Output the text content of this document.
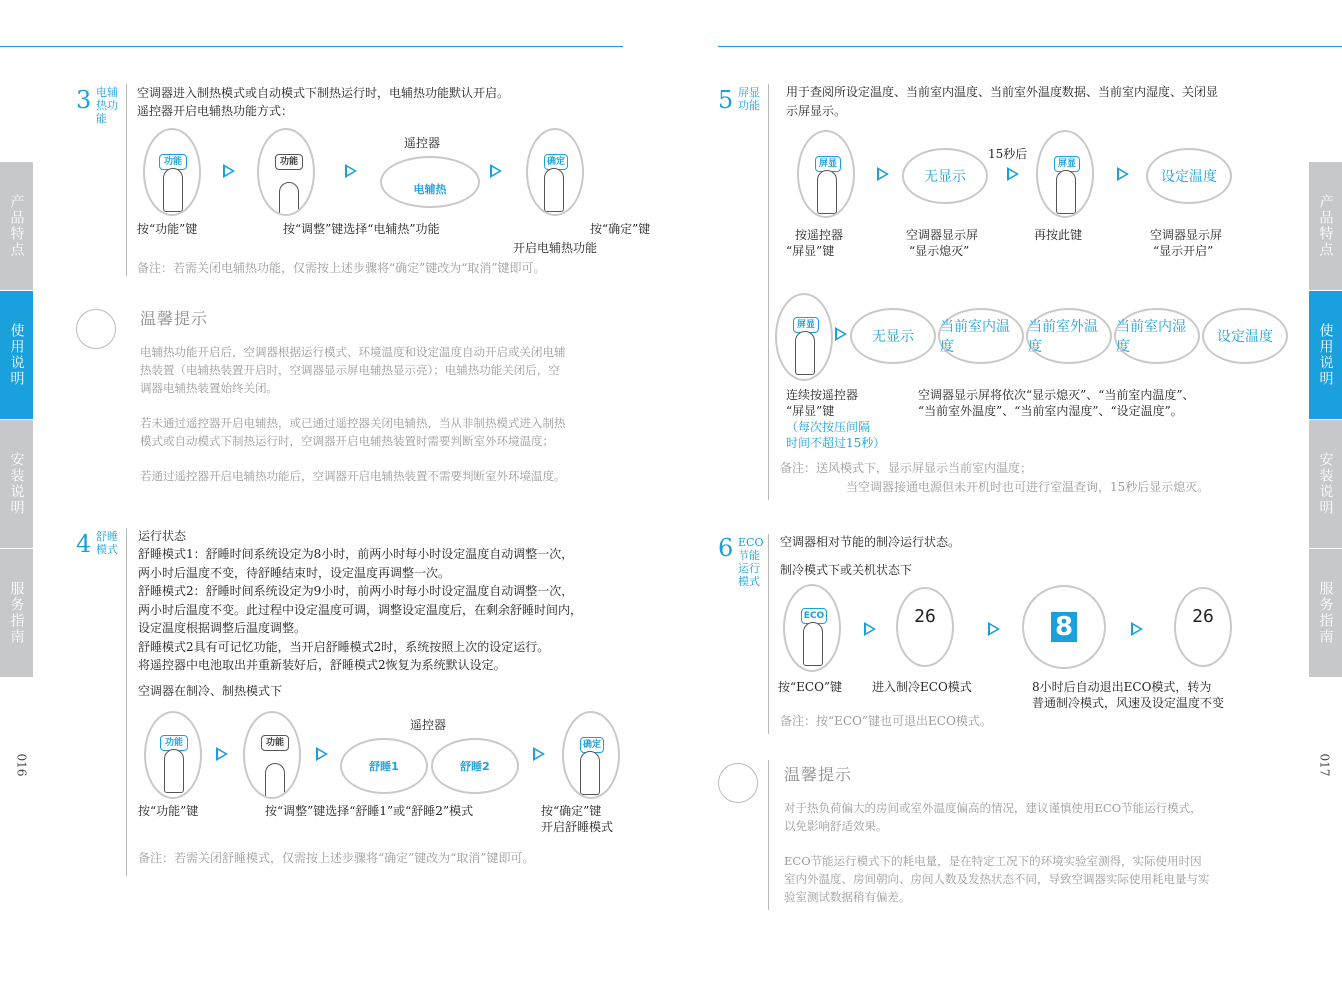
产品特点
使用说明
安装说明
服务指南
产品特点
使用说明
安装说明
服务指南
016	017
3 电辅
热功
能
空调器进入制热模式或自动模式下制热运行时，电辅热功能默认开启。
遥控器开启电辅热功能方式：
功能	功能
遥控器
电辅热
确定
按“功能”键	按“调整”键选择“电辅热”功能	按“确定”键
开启电辅热功能
备注：若需关闭电辅热功能，仅需按上述步骤将“确定”键改为“取消”键即可。
温馨提示
电辅热功能开启后，空调器根据运行模式、环境温度和设定温度自动开启或关闭电辅
热装置（电辅热装置开启时，空调器显示屏电辅热显示亮）；电辅热功能关闭后，空
调器电辅热装置始终关闭。
若未通过遥控器开启电辅热，或已通过遥控器关闭电辅热，当从非制热模式进入制热
模式或自动模式下制热运行时，空调器开启电辅热装置时需要判断室外环境温度；
若通过遥控器开启电辅热功能后，空调器开启电辅热装置不需要判断室外环境温度。
4 舒睡
模式
运行状态
舒睡模式1：舒睡时间系统设定为8小时，前两小时每小时设定温度自动调整一次，
两小时后温度不变，待舒睡结束时，设定温度再调整一次。
舒睡模式2：舒睡时间系统设定为9小时，前两小时每小时设定温度自动调整一次，
两小时后温度不变。此过程中设定温度可调，调整设定温度后，在剩余舒睡时间内，
设定温度根据调整后温度调整。
舒睡模式2具有可记忆功能，当开启舒睡模式2时，系统按照上次的设定运行。
将遥控器中电池取出并重新装好后，舒睡模式2恢复为系统默认设定。
空调器在制冷、制热模式下
功能	功能
遥控器
舒睡1	舒睡2
确定
按“功能”键	按“调整”键选择“舒睡1”或“舒睡2”模式	按“确定”键
开启舒睡模式
备注：若需关闭舒睡模式，仅需按上述步骤将“确定”键改为“取消”键即可。
5 屏显
功能
用于查阅所设定温度、当前室内温度、当前室外温度数据、当前室内湿度、关闭显
示屏显示。
屏显
无显示
15秒后
屏显
设定温度
按遥控器
“屏显”键
空调器显示屏
“显示熄灭”
再按此键	空调器显示屏
“显示开启”
屏显
无显示
当前室内温度
当前室外温度
当前室内湿度
设定温度
连续按遥控器
“屏显”键
（每次按压间隔
时间不超过15秒）
空调器显示屏将依次“显示熄灭”、“当前室内温度”、
“当前室外温度”、“当前室内湿度”、“设定温度”。
备注：送风模式下，显示屏显示当前室内温度；
当空调器接通电源但未开机时也可进行室温查询，15秒后显示熄灭。
6 ECO
节能
运行
模式
空调器相对节能的制冷运行状态。
制冷模式下或关机状态下
ECO	26	8	26
按“ECO”键 进入制冷ECO模式	8小时后自动退出ECO模式，转为
普通制冷模式，风速及设定温度不变
备注：按“ECO”键也可退出ECO模式。
温馨提示
对于热负荷偏大的房间或室外温度偏高的情况，建议谨慎使用ECO节能运行模式，
以免影响舒适效果。
ECO节能运行模式下的耗电量，是在特定工况下的环境实验室测得，实际使用时因
室内外温度、房间朝向、房间人数及发热状态不同，导致空调器实际使用耗电量与实
验室测试数据稍有偏差。
